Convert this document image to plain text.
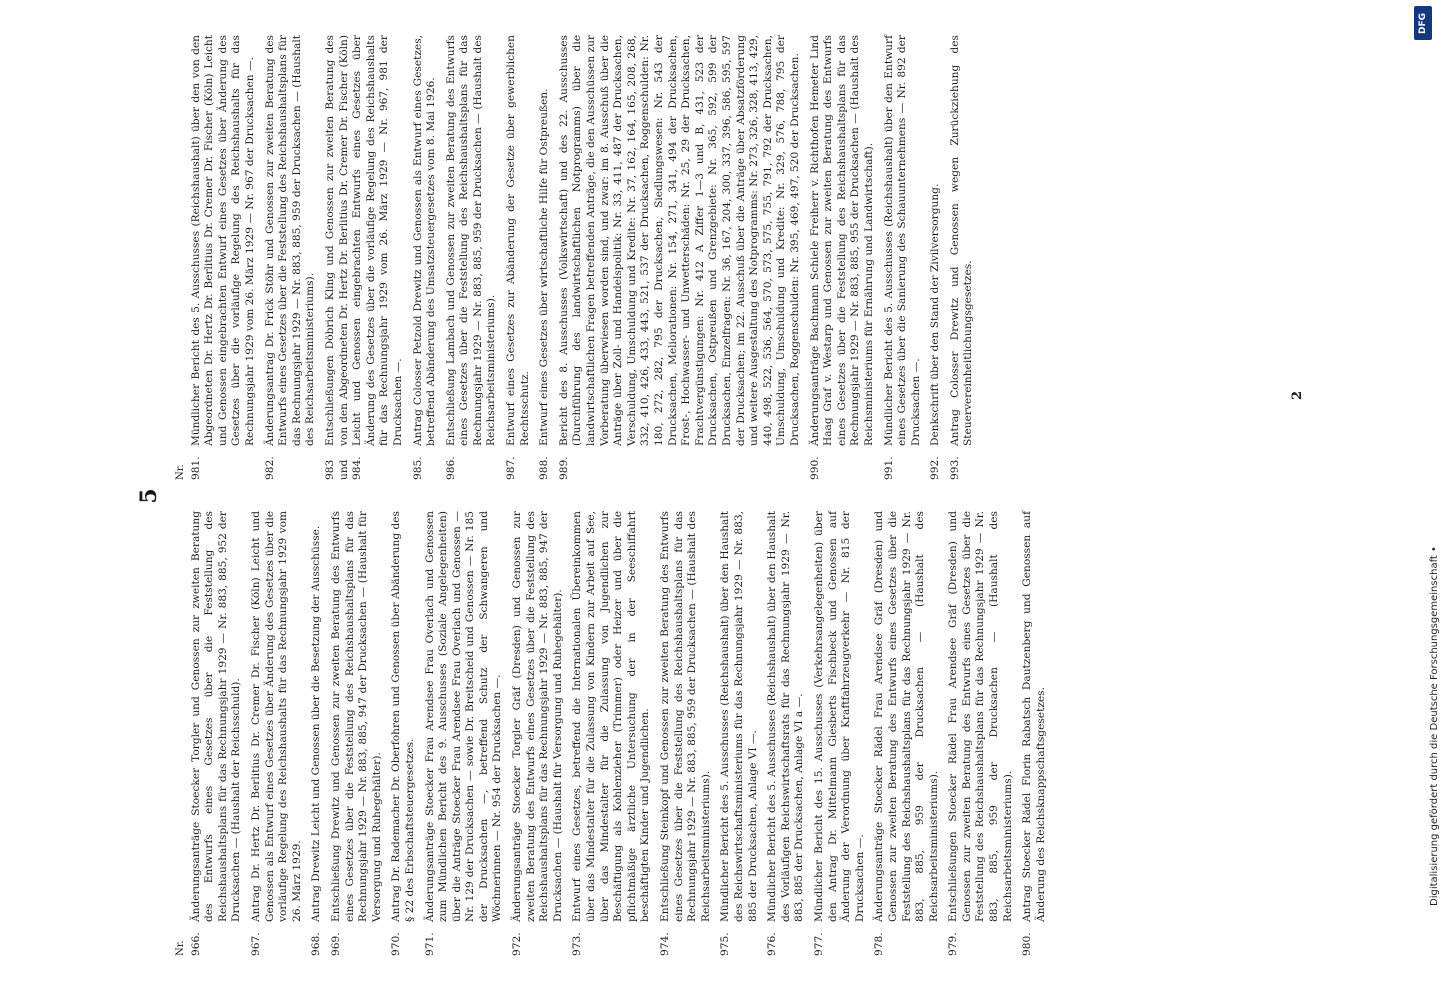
5
Nr. 966.
Änderungsanträge Stoecker Torgler und Genossen zur zweiten Beratung des Entwurfs eines Gesetzes über die Feststellung des Reichshaushaltsplans für das Rechnungsjahr 1929 — Nr. 883, 885, 952 der Drucksachen — (Haushalt der Reichsschuld).
967.
Antrag Dr. Hertz Dr. Berlitius Dr. Cremer Dr. Fischer (Köln) Leicht und Genossen als Entwurf eines Gesetzes über Änderung des Gesetzes über die vorläufige Regelung des Reichshaushalts für das Rechnungsjahr 1929 vom 26. März 1929.
968.
Antrag Drewitz Leicht und Genossen über die Besetzung der Ausschüsse.
969.
Entschließung Drewitz und Genossen zur zweiten Beratung des Entwurfs eines Gesetzes über die Feststellung des Reichshaushaltsplans für das Rechnungsjahr 1929 — Nr. 883, 885, 947 der Drucksachen — (Haushalt für Versorgung und Ruhegehälter).
970.
Antrag Dr. Rademacher Dr. Oberfohren und Genossen über Abänderung des § 22 des Erbschaftsteuergesetzes.
971.
Änderungsanträge Stoecker Frau Arendsee Frau Overlach und Genossen zum Mündlichen Bericht des 9. Ausschusses (Soziale Angelegenheiten) über die Anträge Stoecker Frau Arendsee Frau Overlach und Genossen — Nr. 129 der Drucksachen — sowie Dr. Breitscheid und Genossen — Nr. 185 der Drucksachen —, betreffend Schutz der Schwangeren und Wöchnerinnen — Nr. 954 der Drucksachen —.
972.
Änderungsanträge Stoecker Torgler Gräf (Dresden) und Genossen zur zweiten Beratung des Entwurfs eines Gesetzes über die Feststellung des Reichshaushaltsplans für das Rechnungsjahr 1929 — Nr. 883, 885, 947 der Drucksachen — (Haushalt für Versorgung und Ruhegehälter).
973.
Entwurf eines Gesetzes, betreffend die Internationalen Übereinkommen über das Mindestalter für die Zulassung von Kindern zur Arbeit auf See, über das Mindestalter für die Zulassung von Jugendlichen zur Beschäftigung als Kohlenzieher (Trimmer) oder Heizer und über die pflichtmäßige ärztliche Untersuchung der in der Seeschiffahrt beschäftigten Kinder und Jugendlichen.
974.
Entschließung Steinkopf und Genossen zur zweiten Beratung des Entwurfs eines Gesetzes über die Feststellung des Reichshaushaltsplans für das Rechnungsjahr 1929 — Nr. 883, 885, 959 der Drucksachen — (Haushalt des Reichsarbeitsministeriums).
975.
Mündlicher Bericht des 5. Ausschusses (Reichshaushalt) über den Haushalt des Reichswirtschaftsministeriums für das Rechnungsjahr 1929 — Nr. 883, 885 der Drucksachen, Anlage VI —.
976.
Mündlicher Bericht des 5. Ausschusses (Reichshaushalt) über den Haushalt des Vorläufigen Reichswirtschaftsrats für das Rechnungsjahr 1929 — Nr. 883, 885 der Drucksachen, Anlage VI a —.
977.
Mündlicher Bericht des 15. Ausschusses (Verkehrsangelegenheiten) über den Antrag Dr. Mittelmann Giesberts Fischbeck und Genossen auf Änderung der Verordnung über Kraftfahrzeugverkehr — Nr. 815 der Drucksachen —.
978.
Änderungsanträge Stoecker Rädel Frau Arendsee Gräf (Dresden) und Genossen zur zweiten Beratung des Entwurfs eines Gesetzes über die Feststellung des Reichshaushaltsplans für das Rechnungsjahr 1929 — Nr. 883, 885, 959 der Drucksachen — (Haushalt des Reichsarbeitsministeriums).
979.
Entschließungen Stoecker Rädel Frau Arendsee Gräf (Dresden) und Genossen zur zweiten Beratung des Entwurfs eines Gesetzes über die Feststellung des Reichshaushaltsplans für das Rechnungsjahr 1929 — Nr. 883, 885, 959 der Drucksachen — (Haushalt des Reichsarbeitsministeriums).
980.
Antrag Stoecker Rädel Florin Rabatsch Dautzenberg und Genossen auf Änderung des Reichsknappschaftsgesetzes.
Nr. 981.
Mündlicher Bericht des 5. Ausschusses (Reichshaushalt) über den von den Abgeordneten Dr. Hertz Dr. Berlitius Dr. Cremer Dr. Fischer (Köln) Leicht und Genossen eingebrachten Entwurf eines Gesetzes über Änderung des Gesetzes über die vorläufige Regelung des Reichshaushalts für das Rechnungsjahr 1929 vom 26. März 1929 — Nr. 967 der Drucksachen —.
982.
Änderungsantrag Dr. Frick Stöhr und Genossen zur zweiten Beratung des Entwurfs eines Gesetzes über die Feststellung des Reichshaushaltsplans für das Rechnungsjahr 1929 — Nr. 883, 885, 959 der Drucksachen — (Haushalt des Reichsarbeitsministeriums).
983 und 984.
Entschließungen Döbrich Kling und Genossen zur zweiten Beratung des von den Abgeordneten Dr. Hertz Dr. Berlitius Dr. Cremer Dr. Fischer (Köln) Leicht und Genossen eingebrachten Entwurfs eines Gesetzes über Änderung des Gesetzes über die vorläufige Regelung des Reichshaushalts für das Rechnungsjahr 1929 vom 26. März 1929 — Nr. 967, 981 der Drucksachen —.
985.
Antrag Colosser Petzold Drewitz und Genossen als Entwurf eines Gesetzes, betreffend Abänderung des Umsatzsteuergesetzes vom 8. Mai 1926.
986.
Entschließung Lambach und Genossen zur zweiten Beratung des Entwurfs eines Gesetzes über die Feststellung des Reichshaushaltsplans für das Rechnungsjahr 1929 — Nr. 883, 885, 959 der Drucksachen — (Haushalt des Reichsarbeitsministeriums).
987.
Entwurf eines Gesetzes zur Abänderung der Gesetze über gewerblichen Rechtsschutz.
988.
Entwurf eines Gesetzes über wirtschaftliche Hilfe für Ostpreußen.
989.
Bericht des 8. Ausschusses (Volkswirtschaft) und des 22. Ausschusses (Durchführung des landwirtschaftlichen Notprogramms) über die landwirtschaftlichen Fragen betreffenden Anträge, die den Ausschüssen zur Vorberatung überwiesen worden sind, und zwar: im 8. Ausschuß über die Anträge über Zoll- und Handelspolitik: Nr. 33, 411, 487 der Drucksachen, Verschuldung, Umschuldung und Kredite: Nr. 37, 162, 164, 165, 208, 268, 332, 410, 426, 433, 443, 521, 537 der Drucksachen, Roggenschulden: Nr. 180, 272, 282, 795 der Drucksachen, Siedlungswesen: Nr. 543 der Drucksachen, Meliorationen: Nr. 154, 271, 341, 494 der Drucksachen, Frost-, Hochwasser- und Unwetterschäden: Nr. 25, 29 der Drucksachen, Frachtvergünstigungen: Nr. 412 A Ziffer 1—3 und B, 431, 523 der Drucksachen, Ostpreußen und Grenzgebiete: Nr. 365, 592, 599 der Drucksachen, Einzelfragen: Nr. 36, 167, 204, 300, 337, 396, 586, 595, 597 der Drucksachen; im 22. Ausschuß über die Anträge über Absatzförderung und weitere Ausgestaltung des Notprogramms: Nr. 273, 326, 328, 413, 429, 440, 498, 522, 536, 564, 570, 573, 575, 755, 791, 792 der Drucksachen, Umschuldung, Umschuldung und Kredite: Nr. 329, 576, 788, 795 der Drucksachen, Roggenschulden: Nr. 395, 469, 497, 520 der Drucksachen.
990.
Änderungsanträge Bachmann Schiele Freiherr v. Richthofen Hemeter Lind Haag Graf v. Westarp und Genossen zur zweiten Beratung des Entwurfs eines Gesetzes über die Feststellung des Reichshaushaltsplans für das Rechnungsjahr 1929 — Nr. 883, 885, 955 der Drucksachen — (Haushalt des Reichsministeriums für Ernährung und Landwirtschaft).
991.
Mündlicher Bericht des 5. Ausschusses (Reichshaushalt) über den Entwurf eines Gesetzes über die Sanierung des Schauunternehmens — Nr. 892 der Drucksachen —.
992.
Denkschrift über den Stand der Zivilversorgung.
993.
Antrag Colosser Drewitz und Genossen wegen Zurückziehung des Steuervereinheitlichungsgesetzes.	2
Digitalisierung gefördert durch die Deutsche Forschungsgemeinschaft •
DFG
